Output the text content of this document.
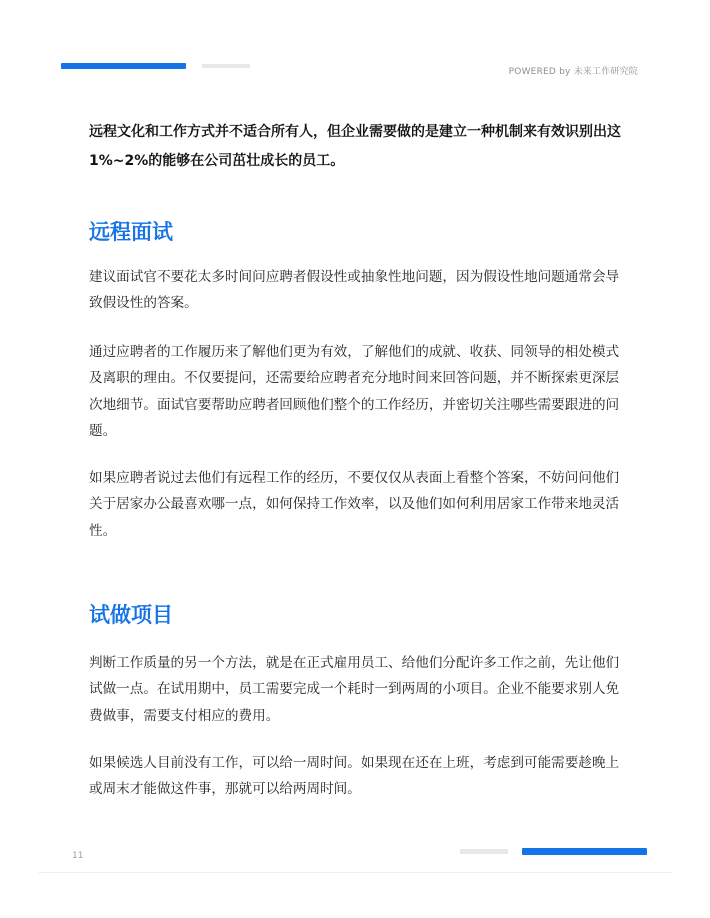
POWERED by 未来工作研究院

远程文化和工作方式并不适合所有人，但企业需要做的是建立一种机制来有效识别出这1%~2%的能够在公司茁壮成长的员工。

远程面试

建议面试官不要花太多时间问应聘者假设性或抽象性地问题，因为假设性地问题通常会导致假设性的答案。

通过应聘者的工作履历来了解他们更为有效，了解他们的成就、收获、同领导的相处模式及离职的理由。不仅要提问，还需要给应聘者充分地时间来回答问题，并不断探索更深层次地细节。面试官要帮助应聘者回顾他们整个的工作经历，并密切关注哪些需要跟进的问题。

如果应聘者说过去他们有远程工作的经历，不要仅仅从表面上看整个答案，不妨问问他们关于居家办公最喜欢哪一点，如何保持工作效率，以及他们如何利用居家工作带来地灵活性。

试做项目

判断工作质量的另一个方法，就是在正式雇用员工、给他们分配许多工作之前，先让他们试做一点。在试用期中，员工需要完成一个耗时一到两周的小项目。企业不能要求别人免费做事，需要支付相应的费用。

如果候选人目前没有工作，可以给一周时间。如果现在还在上班，考虑到可能需要趁晚上或周末才能做这件事，那就可以给两周时间。

11
